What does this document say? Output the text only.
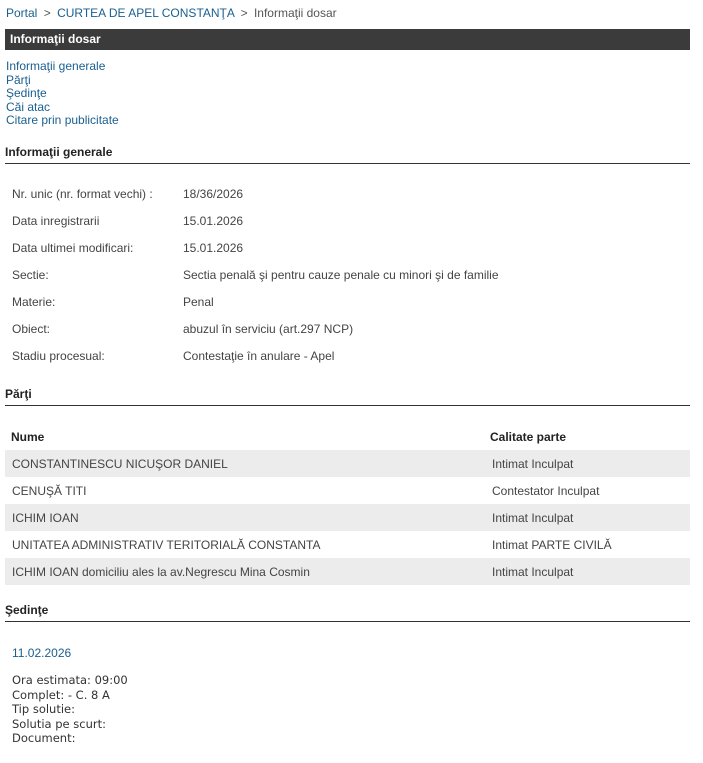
Portal > CURTEA DE APEL CONSTANŢA > Informaţii dosar
Informaţii dosar
Informaţii generale
Părţi
Şedinţe
Căi atac
Citare prin publicitate
Informaţii generale
Nr. unic (nr. format vechi) :	18/36/2026
Data inregistrarii	15.01.2026
Data ultimei modificari:	15.01.2026
Sectie:	Sectia penală şi pentru cauze penale cu minori şi de familie
Materie:	Penal
Obiect:	abuzul în serviciu (art.297 NCP)
Stadiu procesual:	Contestaţie în anulare - Apel
Părţi
Nume	Calitate parte
CONSTANTINESCU NICUŞOR DANIEL	Intimat Inculpat
CENUŞĂ TITI	Contestator Inculpat
ICHIM IOAN	Intimat Inculpat
UNITATEA ADMINISTRATIV TERITORIALĂ CONSTANTA	Intimat PARTE CIVILĂ
ICHIM IOAN domiciliu ales la av.Negrescu Mina Cosmin	Intimat Inculpat
Şedinţe
11.02.2026
Ora estimata: 09:00
Complet: - C. 8 A
Tip solutie:
Solutia pe scurt:
Document:
